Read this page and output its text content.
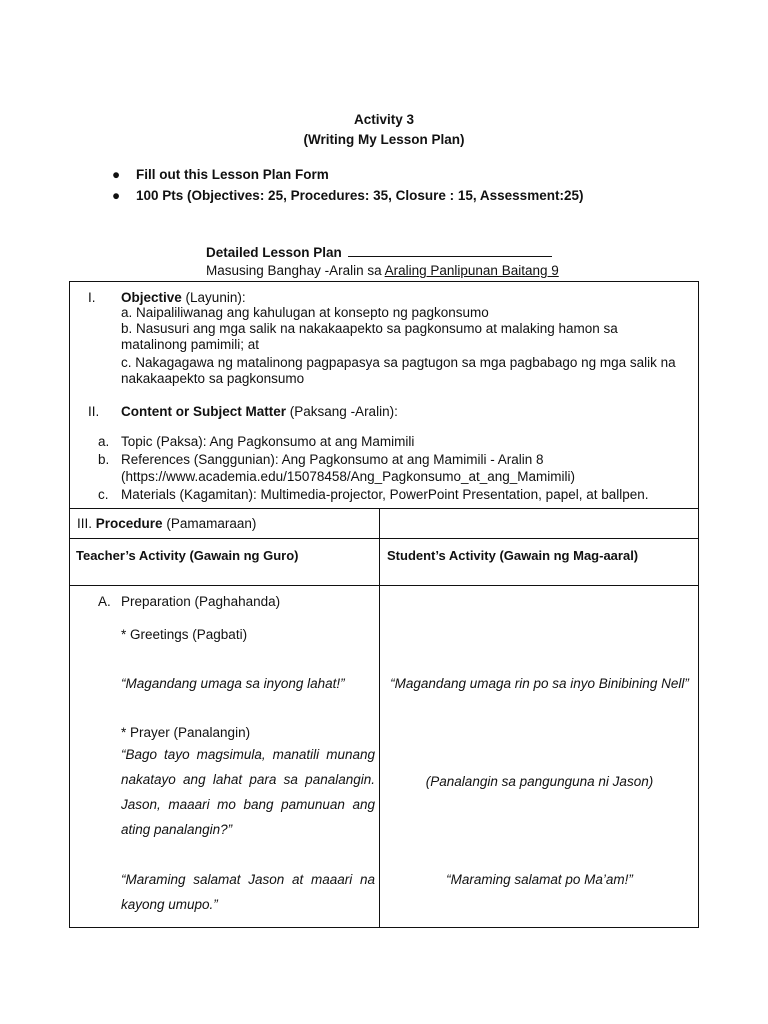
Activity 3
(Writing My Lesson Plan)
● Fill out this Lesson Plan Form
● 100 Pts (Objectives: 25, Procedures: 35, Closure : 15, Assessment:25)
Detailed Lesson Plan
Masusing Banghay -Aralin sa Araling Panlipunan Baitang 9
I. Objective (Layunin):
a. Naipaliliwanag ang kahulugan at konsepto ng pagkonsumo
b. Nasusuri ang mga salik na nakakaapekto sa pagkonsumo at malaking hamon sa
matalinong pamimili; at
c. Nakagagawa ng matalinong pagpapasya sa pagtugon sa mga pagbabago ng mga salik na
nakakaapekto sa pagkonsumo
II. Content or Subject Matter (Paksang -Aralin):
a. Topic (Paksa): Ang Pagkonsumo at ang Mamimili
b. References (Sanggunian): Ang Pagkonsumo at ang Mamimili - Aralin 8
(https://www.academia.edu/15078458/Ang_Pagkonsumo_at_ang_Mamimili)
c. Materials (Kagamitan): Multimedia-projector, PowerPoint Presentation, papel, at ballpen.
III. Procedure (Pamamaraan)
Teacher’s Activity (Gawain ng Guro)	Student’s Activity (Gawain ng Mag-aaral)
A. Preparation (Paghahanda)
* Greetings (Pagbati)
“Magandang umaga sa inyong lahat!”	“Magandang umaga rin po sa inyo Binibining Nell”
* Prayer (Panalangin)
“Bago tayo magsimula, manatili munang
nakatayo ang lahat para sa panalangin.
Jason, maaari mo bang pamunuan ang
ating panalangin?”
(Panalangin sa pangunguna ni Jason)
“Maraming salamat Jason at maaari na
kayong umupo.”
“Maraming salamat po Ma’am!”
